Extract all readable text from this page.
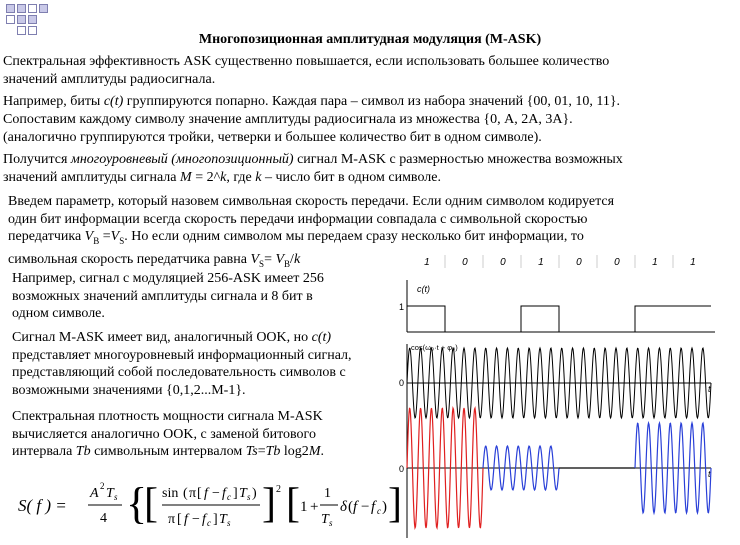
Многопозиционная амплитудная модуляция (M-ASK)
Спектральная эффективность ASK существенно повышается, если использовать большее количество
значений амплитуды радиосигнала.
Например, биты c(t) группируются попарно. Каждая пара – символ из набора значений {00, 01, 10, 11}.
Сопоставим каждому символу значение амплитуды радиосигнала из множества {0, A, 2A, 3A}.
(аналогично группируются тройки, четверки и большее количество бит в одном символе).
Получится многоуровневый (многопозиционный) сигнал M-ASK с размерностью множества возможных
значений амплитуды сигнала M = 2^k, где k – число бит в одном символе.
Введем параметр, который назовем символьная скорость передачи. Если одним символом кодируется
один бит информации всегда скорость передачи информации совпадала с символьной скоростью
передатчика $V_B =V_S$. Но если одним символом мы передаем сразу несколько бит информации, то
символьная скорость передатчика равна $V_S= V_B/k$
Например, сигнал с модуляцией 256-ASK имеет 256
возможных значений амплитуды сигнала и 8 бит в
одном символе.
Сигнал M-ASK имеет вид, аналогичный OOK, но c(t)
представляет многоуровневый информационный сигнал,
представляющий собой последовательность символов с
возможными значениями {0,1,2...M-1}.
Спектральная плотность мощности сигнала M-ASK
вычисляется аналогично OOK, с заменой битового
интервала Tb символьным интервалом Ts=Tb log2M.
S( f ) =
A 2 T s
4 {
[ sin ( π [ f − f c ] T s )
π [ f − f c ] T s ] 2 [ 1 +
1
T s
δ ( f − f c ) ]
1	0	0	1	0	0	1	1
c(t)
1
cos(ω₀·t + φ₀)
0
t
0	t
